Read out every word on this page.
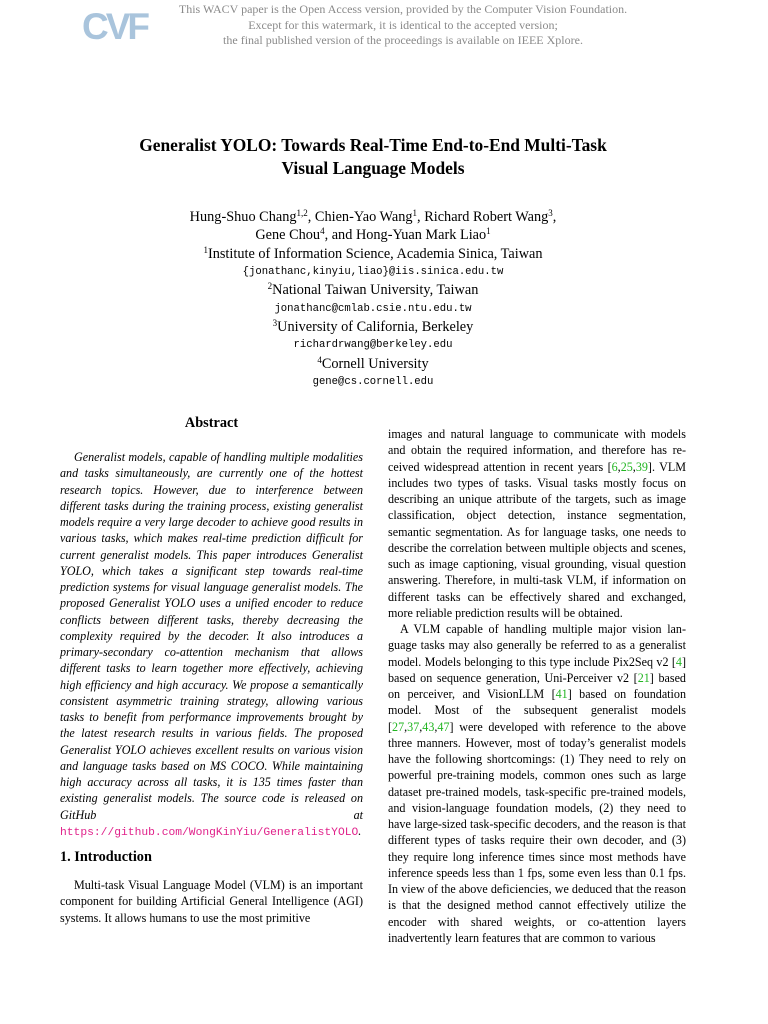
CVF	This WACV paper is the Open Access version, provided by the Computer Vision Foundation.
Except for this watermark, it is identical to the accepted version;
the final published version of the proceedings is available on IEEE Xplore.
Generalist YOLO: Towards Real-Time End-to-End Multi-Task
Visual Language Models
Hung-Shuo Chang$^{1,2}$, Chien-Yao Wang$^1$, Richard Robert Wang$^3$,
Gene Chou$^4$, and Hong-Yuan Mark Liao$^1$
$^1$Institute of Information Science, Academia Sinica, Taiwan
{jonathanc,kinyiu,liao}@iis.sinica.edu.tw
$^2$National Taiwan University, Taiwan
jonathanc@cmlab.csie.ntu.edu.tw
$^3$University of California, Berkeley
richardrwang@berkeley.edu
$^4$Cornell University
gene@cs.cornell.edu
Abstract

Generalist models, capable of handling multiple modalities and tasks simultaneously, are currently one of the hottest research topics. However, due to interference between different tasks during the training process, existing generalist models require a very large decoder to achieve good results in various tasks, which makes real-time prediction difficult for current generalist models. This paper introduces Generalist YOLO, which takes a significant step towards real-time prediction systems for visual language generalist models. The proposed Generalist YOLO uses a unified encoder to reduce conflicts between different tasks, thereby decreasing the complexity required by the decoder. It also introduces a primary-secondary co-attention mechanism that allows different tasks to learn together more effectively, achieving high efficiency and high accuracy. We propose a semantically consistent asymmetric training strategy, allowing various tasks to benefit from performance improvements brought by the latest research results in various fields. The proposed Generalist YOLO achieves excellent results on various vision and language tasks based on MS COCO. While maintaining high accuracy across all tasks, it is 135 times faster than existing generalist models. The source code is released on GitHub at https://github.com/WongKinYiu/GeneralistYOLO.

1. Introduction

Multi-task Visual Language Model (VLM) is an important component for building Artificial General Intelligence (AGI) systems. It allows humans to use the most primitive

images and natural language to communicate with models and obtain the required information, and therefore has received widespread attention in recent years [6,25,39]. VLM includes two types of tasks. Visual tasks mostly focus on describing an unique attribute of the targets, such as image classification, object detection, instance segmentation, semantic segmentation. As for language tasks, one needs to describe the correlation between multiple objects and scenes, such as image captioning, visual grounding, visual question answering. Therefore, in multi-task VLM, if information on different tasks can be effectively shared and exchanged, more reliable prediction results will be obtained.

A VLM capable of handling multiple major vision language tasks may also generally be referred to as a generalist model. Models belonging to this type include Pix2Seq v2 [4] based on sequence generation, Uni-Perceiver v2 [21] based on perceiver, and VisionLLM [41] based on foundation model. Most of the subsequent generalist models [27,37,43,47] were developed with reference to the above three manners. However, most of today’s generalist models have the following shortcomings: (1) They need to rely on powerful pre-training models, common ones such as large dataset pre-trained models, task-specific pre-trained models, and vision-language foundation models, (2) they need to have large-sized task-specific decoders, and the reason is that different types of tasks require their own decoder, and (3) they require long inference times since most methods have inference speeds less than 1 fps, some even less than 0.1 fps. In view of the above deficiencies, we deduced that the reason is that the designed method cannot effectively utilize the encoder with shared weights, or co-attention layers inadvertently learn features that are common to various
